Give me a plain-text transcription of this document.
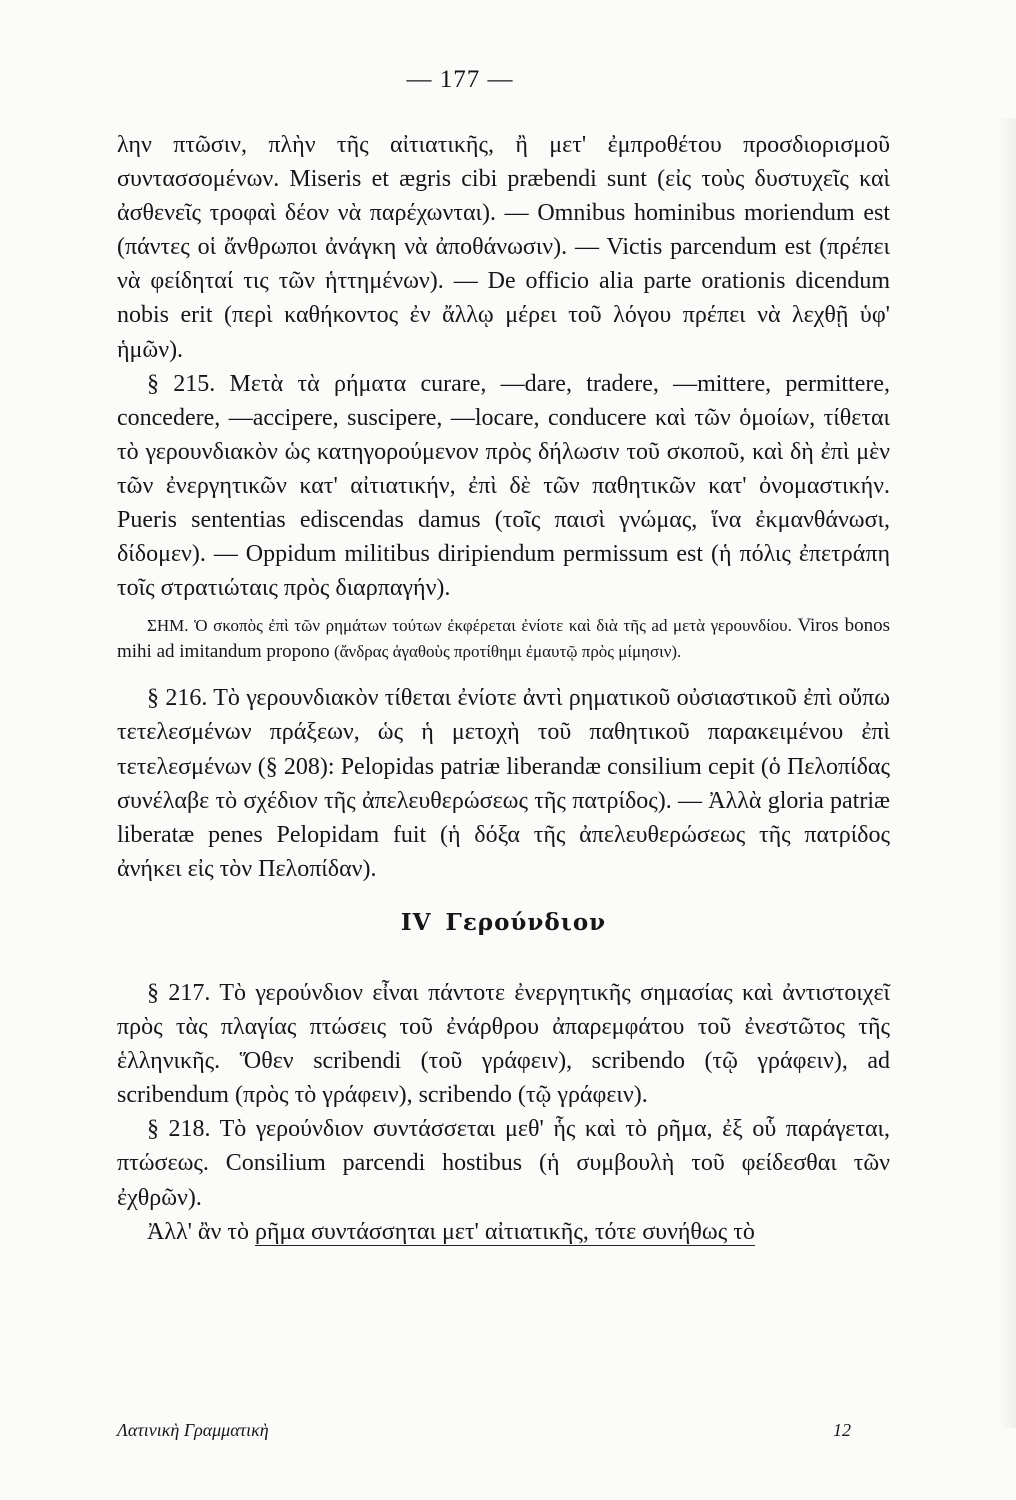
— 177 —

λην πτῶσιν, πλὴν τῆς αἰτιατικῆς, ἢ μετ' ἐμπροθέτου προσδιορισμοῦ συντασσομένων. Miseris et ægris cibi præbendi sunt (εἰς τοὺς δυστυχεῖς καὶ ἀσθενεῖς τροφαὶ δέον νὰ παρέχωνται). — Omnibus hominibus moriendum est (πάντες οἱ ἄνθρωποι ἀνάγκη νὰ ἀποθάνωσιν). — Victis parcendum est (πρέπει νὰ φείδηταί τις τῶν ἡττημένων). — De officio alia parte orationis dicendum nobis erit (περὶ καθήκοντος ἐν ἄλλῳ μέρει τοῦ λόγου πρέπει νὰ λεχθῇ ὑφ' ἡμῶν).

§ 215. Μετὰ τὰ ρήματα curare, —dare, tradere, —mittere, permittere, concedere, —accipere, suscipere, —locare, conducere καὶ τῶν ὁμοίων, τίθεται τὸ γερουνδιακὸν ὡς κατηγορούμενον πρὸς δήλωσιν τοῦ σκοποῦ, καὶ δὴ ἐπὶ μὲν τῶν ἐνεργητικῶν κατ' αἰτιατικήν, ἐπὶ δὲ τῶν παθητικῶν κατ' ὀνομαστικήν. Pueris sententias ediscendas damus (τοῖς παισὶ γνώμας, ἵνα ἐκμανθάνωσι, δίδομεν). — Oppidum militibus diripiendum permissum est (ἡ πόλις ἐπετράπη τοῖς στρατιώταις πρὸς διαρπαγήν).

ΣΗΜ. Ὁ σκοπὸς ἐπὶ τῶν ρημάτων τούτων ἐκφέρεται ἐνίοτε καὶ διὰ τῆς ad μετὰ γερουνδίου. Viros bonos mihi ad imitandum propono (ἄνδρας ἀγαθοὺς προτίθημι ἐμαυτῷ πρὸς μίμησιν).

§ 216. Τὸ γερουνδιακὸν τίθεται ἐνίοτε ἀντὶ ρηματικοῦ οὐσιαστικοῦ ἐπὶ οὔπω τετελεσμένων πράξεων, ὡς ἡ μετοχὴ τοῦ παθητικοῦ παρακειμένου ἐπὶ τετελεσμένων (§ 208): Pelopidas patriæ liberandæ consilium cepit (ὁ Πελοπίδας συνέλαβε τὸ σχέδιον τῆς ἀπελευθερώσεως τῆς πατρίδος). — Ἀλλὰ gloria patriæ liberatæ penes Pelopidam fuit (ἡ δόξα τῆς ἀπελευθερώσεως τῆς πατρίδος ἀνήκει εἰς τὸν Πελοπίδαν).

IV Γερούνδιον

§ 217. Τὸ γερούνδιον εἶναι πάντοτε ἐνεργητικῆς σημασίας καὶ ἀντιστοιχεῖ πρὸς τὰς πλαγίας πτώσεις τοῦ ἐνάρθρου ἀπαρεμφάτου τοῦ ἐνεστῶτος τῆς ἑλληνικῆς. Ὅθεν scribendi (τοῦ γράφειν), scribendo (τῷ γράφειν), ad scribendum (πρὸς τὸ γράφειν), scribendo (τῷ γράφειν).

§ 218. Τὸ γερούνδιον συντάσσεται μεθ' ἧς καὶ τὸ ρῆμα, ἐξ οὗ παράγεται, πτώσεως. Consilium parcendi hostibus (ἡ συμβουλὴ τοῦ φείδεσθαι τῶν ἐχθρῶν).

Ἀλλ' ἂν τὸ ρῆμα συντάσσηται μετ' αἰτιατικῆς, τότε συνήθως τὸ

Λατινικὴ Γραμματικὴ	12
